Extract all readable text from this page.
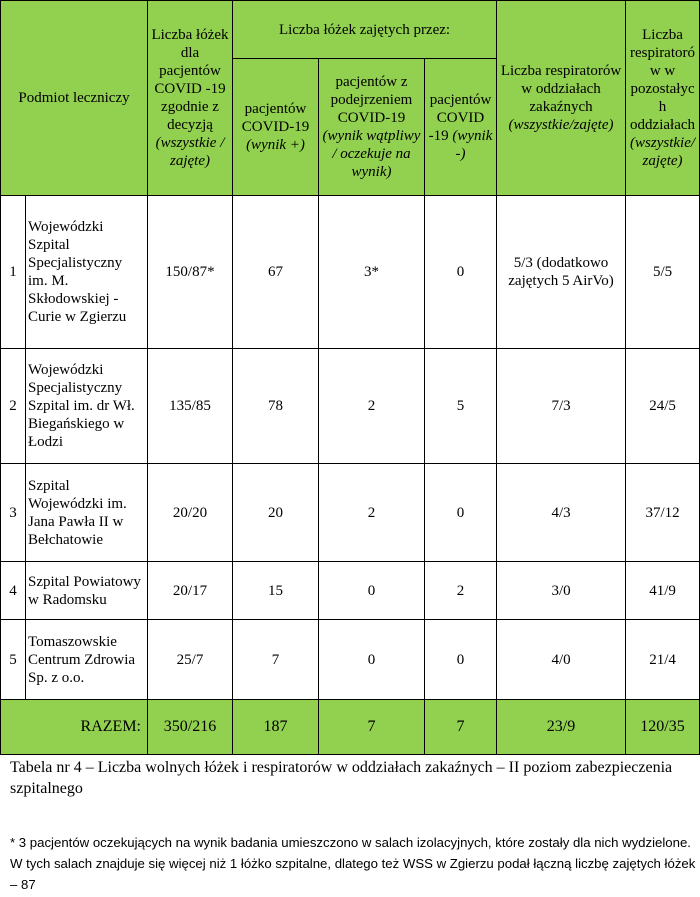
Podmiot leczniczy		Liczba łóżek dla pacjentów COVID -19 zgodnie z decyzją (wszystkie / zajęte)	Liczba łóżek zajętych przez:			Liczba respiratorów w oddziałach zakaźnych (wszystkie/zajęte)	Liczba respiratorów w pozostałych oddziałach (wszystkie/zajęte)
			pacjentów COVID-19 (wynik +)	pacjentów z podejrzeniem COVID-19 (wynik wątpliwy / oczekuje na wynik)	pacjentów COVID -19 (wynik -)		
1	Wojewódzki Szpital Specjalistyczny im. M. Skłodowskiej - Curie w Zgierzu	150/87*	67	3*	0	5/3 (dodatkowo zajętych 5 AirVo)	5/5
2	Wojewódzki Specjalistyczny Szpital im. dr Wł. Biegańskiego w Łodzi	135/85	78	2	5	7/3	24/5
3	Szpital Wojewódzki im. Jana Pawła II w Bełchatowie	20/20	20	2	0	4/3	37/12
4	Szpital Powiatowy w Radomsku	20/17	15	0	2	3/0	41/9
5	Tomaszowskie Centrum Zdrowia Sp. z o.o.	25/7	7	0	0	4/0	21/4
RAZEM:		350/216	187	7	7	23/9	120/35
Tabela nr 4 – Liczba wolnych łóżek i respiratorów w oddziałach zakaźnych – II poziom zabezpieczenia szpitalnego
* 3 pacjentów oczekujących na wynik badania umieszczono w salach izolacyjnych, które zostały dla nich wydzielone. W tych salach znajduje się więcej niż 1 łóżko szpitalne, dlatego też WSS w Zgierzu podał łączną liczbę zajętych łóżek – 87
